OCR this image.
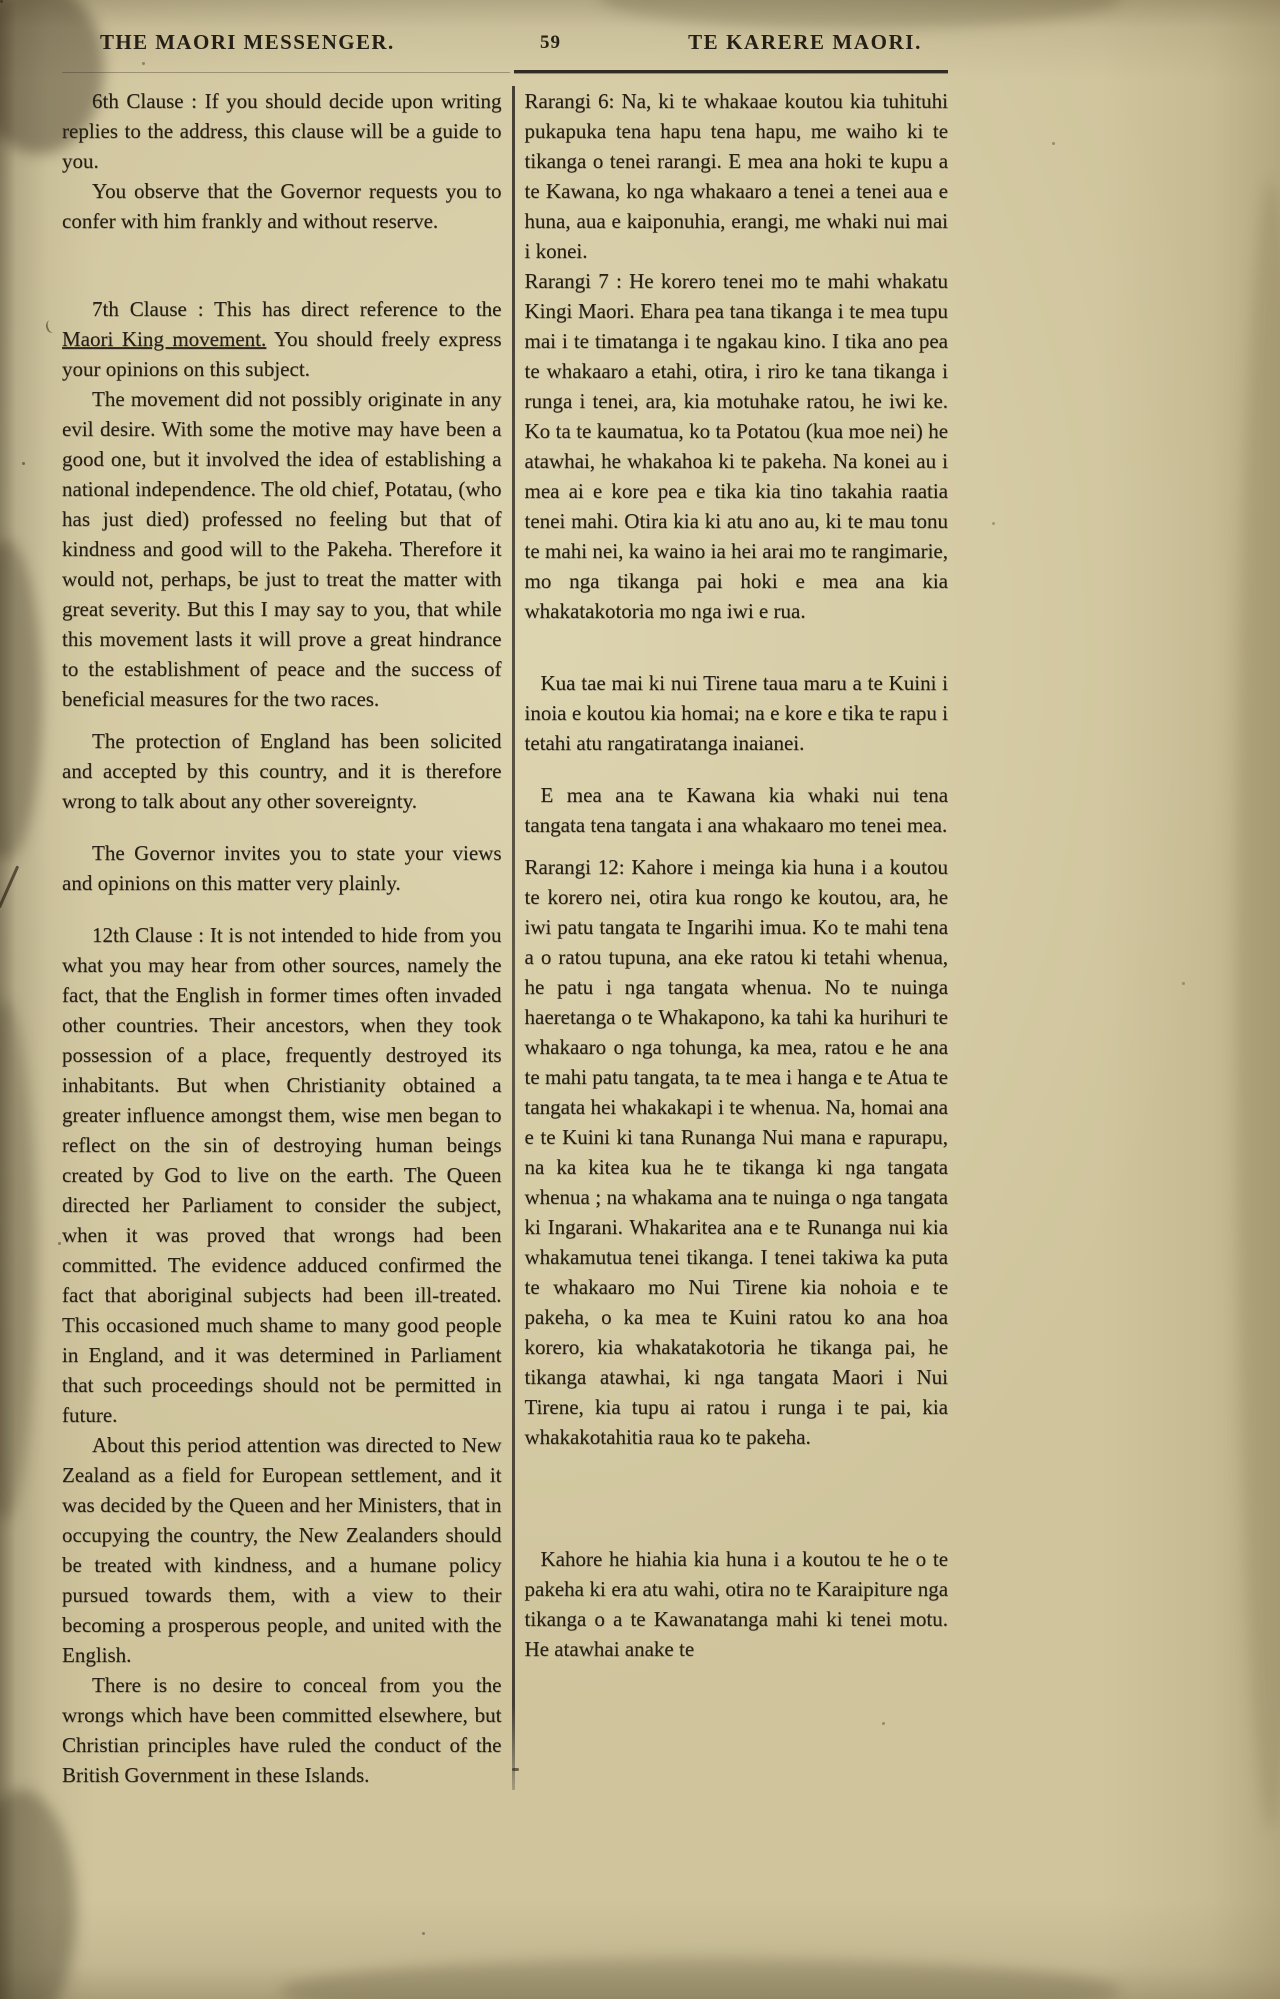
THE MAORI MESSENGER.	59	TE KARERE MAORI.

6th Clause : If you should decide upon writing replies to the address, this clause will be a guide to you.

You observe that the Governor requests you to confer with him frankly and without reserve.

7th Clause : This has direct reference to the Maori King movement. You should freely express your opinions on this subject.

The movement did not possibly originate in any evil desire. With some the motive may have been a good one, but it involved the idea of establishing a national independence. The old chief, Potatau, (who has just died) professed no feeling but that of kindness and good will to the Pakeha. Therefore it would not, perhaps, be just to treat the matter with great severity. But this I may say to you, that while this movement lasts it will prove a great hindrance to the establishment of peace and the success of beneficial measures for the two races.

The protection of England has been solicited and accepted by this country, and it is therefore wrong to talk about any other sovereignty.

The Governor invites you to state your views and opinions on this matter very plainly.

12th Clause : It is not intended to hide from you what you may hear from other sources, namely the fact, that the English in former times often invaded other countries. Their ancestors, when they took possession of a place, frequently destroyed its inhabitants. But when Christianity obtained a greater influence amongst them, wise men began to reflect on the sin of destroying human beings created by God to live on the earth. The Queen directed her Parliament to consider the subject, when it was proved that wrongs had been committed. The evidence adduced confirmed the fact that aboriginal subjects had been ill-treated. This occasioned much shame to many good people in England, and it was determined in Parliament that such proceedings should not be permitted in future.

About this period attention was directed to New Zealand as a field for European settlement, and it was decided by the Queen and her Ministers, that in occupying the country, the New Zealanders should be treated with kindness, and a humane policy pursued towards them, with a view to their becoming a prosperous people, and united with the English.

There is no desire to conceal from you the wrongs which have been committed elsewhere, but Christian principles have ruled the conduct of the British Government in these Islands.

Rarangi 6: Na, ki te whakaae koutou kia tuhituhi pukapuka tena hapu tena hapu, me waiho ki te tikanga o tenei rarangi. E mea ana hoki te kupu a te Kawana, ko nga whakaaro a tenei a tenei aua e huna, aua e kaiponuhia, erangi, me whaki nui mai i konei.

Rarangi 7 : He korero tenei mo te mahi whakatu Kingi Maori. Ehara pea tana tikanga i te mea tupu mai i te timatanga i te ngakau kino. I tika ano pea te whakaaro a etahi, otira, i riro ke tana tikanga i runga i tenei, ara, kia motuhake ratou, he iwi ke. Ko ta te kaumatua, ko ta Potatou (kua moe nei) he atawhai, he whakahoa ki te pakeha. Na konei au i mea ai e kore pea e tika kia tino takahia raatia tenei mahi. Otira kia ki atu ano au, ki te mau tonu te mahi nei, ka waino ia hei arai mo te rangimarie, mo nga tikanga pai hoki e mea ana kia whakatakotoria mo nga iwi e rua.

Kua tae mai ki nui Tirene taua maru a te Kuini i inoia e koutou kia homai; na e kore e tika te rapu i tetahi atu rangatiratanga inaianei.

E mea ana te Kawana kia whaki nui tena tangata tena tangata i ana whakaaro mo tenei mea.

Rarangi 12: Kahore i meinga kia huna i a koutou te korero nei, otira kua rongo ke koutou, ara, he iwi patu tangata te Ingarihi imua. Ko te mahi tena a o ratou tupuna, ana eke ratou ki tetahi whenua, he patu i nga tangata whenua. No te nuinga haeretanga o te Whakapono, ka tahi ka hurihuri te whakaaro o nga tohunga, ka mea, ratou e he ana te mahi patu tangata, ta te mea i hanga e te Atua te tangata hei whakakapi i te whenua. Na, homai ana e te Kuini ki tana Runanga Nui mana e rapurapu, na ka kitea kua he te tikanga ki nga tangata whenua ; na whakama ana te nuinga o nga tangata ki Ingarani. Whakaritea ana e te Runanga nui kia whakamutua tenei tikanga. I tenei takiwa ka puta te whakaaro mo Nui Tirene kia nohoia e te pakeha, o ka mea te Kuini ratou ko ana hoa korero, kia whakatakotoria he tikanga pai, he tikanga atawhai, ki nga tangata Maori i Nui Tirene, kia tupu ai ratou i runga i te pai, kia whakakotahitia raua ko te pakeha.

Kahore he hiahia kia huna i a koutou te he o te pakeha ki era atu wahi, otira no te Karaipiture nga tikanga o a te Kawanatanga mahi ki tenei motu. He atawhai anake te
